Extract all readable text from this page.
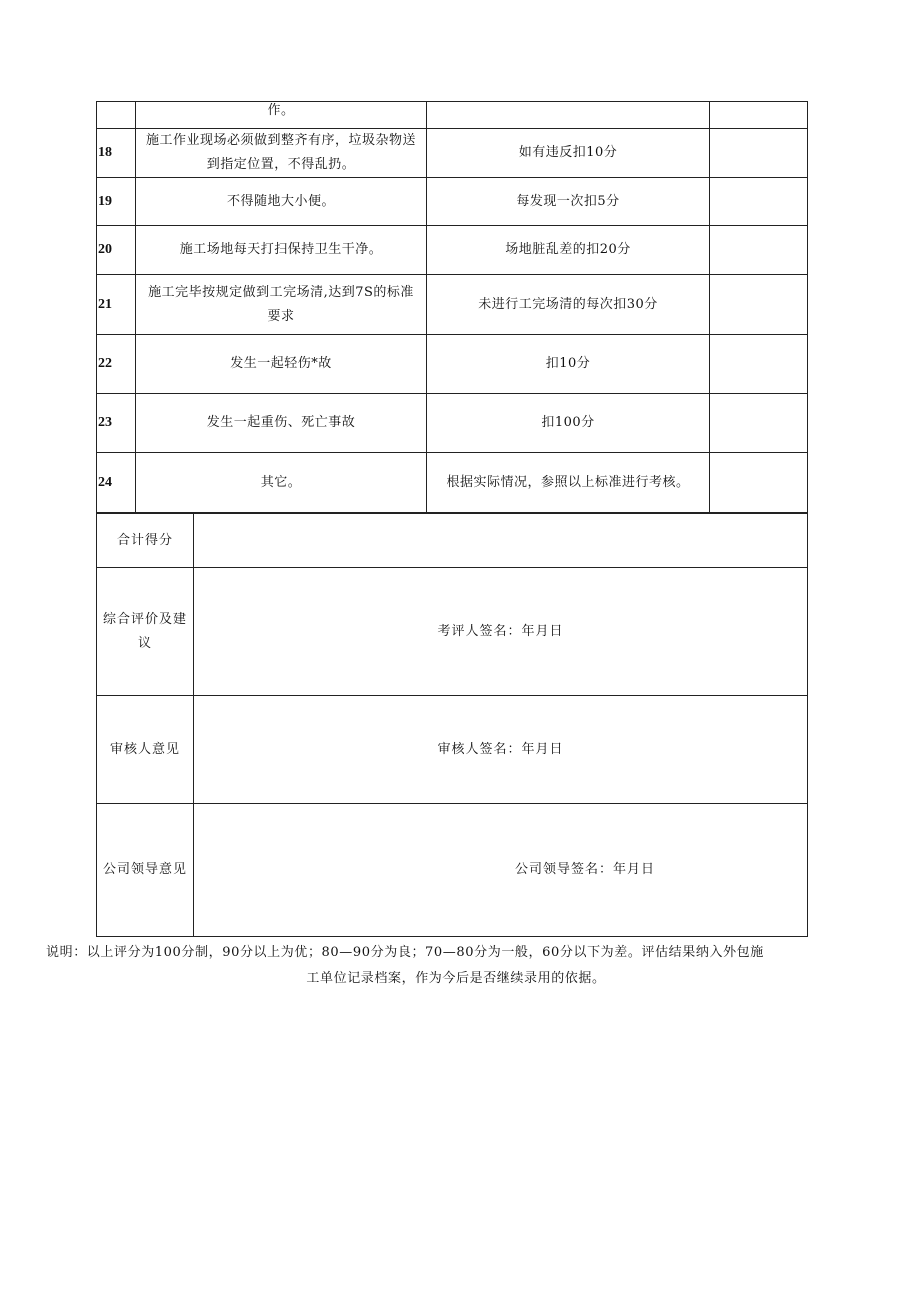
	作。		
18	施工作业现场必须做到整齐有序，垃圾杂物送到指定位置，不得乱扔。	如有违反扣10分	
19	不得随地大小便。	每发现一次扣5分	
20	施工场地每天打扫保持卫生干净。	场地脏乱差的扣20分	
21	施工完毕按规定做到工完场清,达到7S的标准要求	未进行工完场清的每次扣30分	
22	发生一起轻伤*故	扣10分	
23	发生一起重伤、死亡事故	扣100分	
24	其它。	根据实际情况，参照以上标准进行考核。	
合计得分	
综合评价及建议	考评人签名：年月日
审核人意见	审核人签名：年月日
公司领导意见	公司领导签名：年月日
说明：以上评分为100分制，90分以上为优；80—90分为良；70—80分为一般，60分以下为差。评估结果纳入外包施
工单位记录档案，作为今后是否继续录用的依据。
